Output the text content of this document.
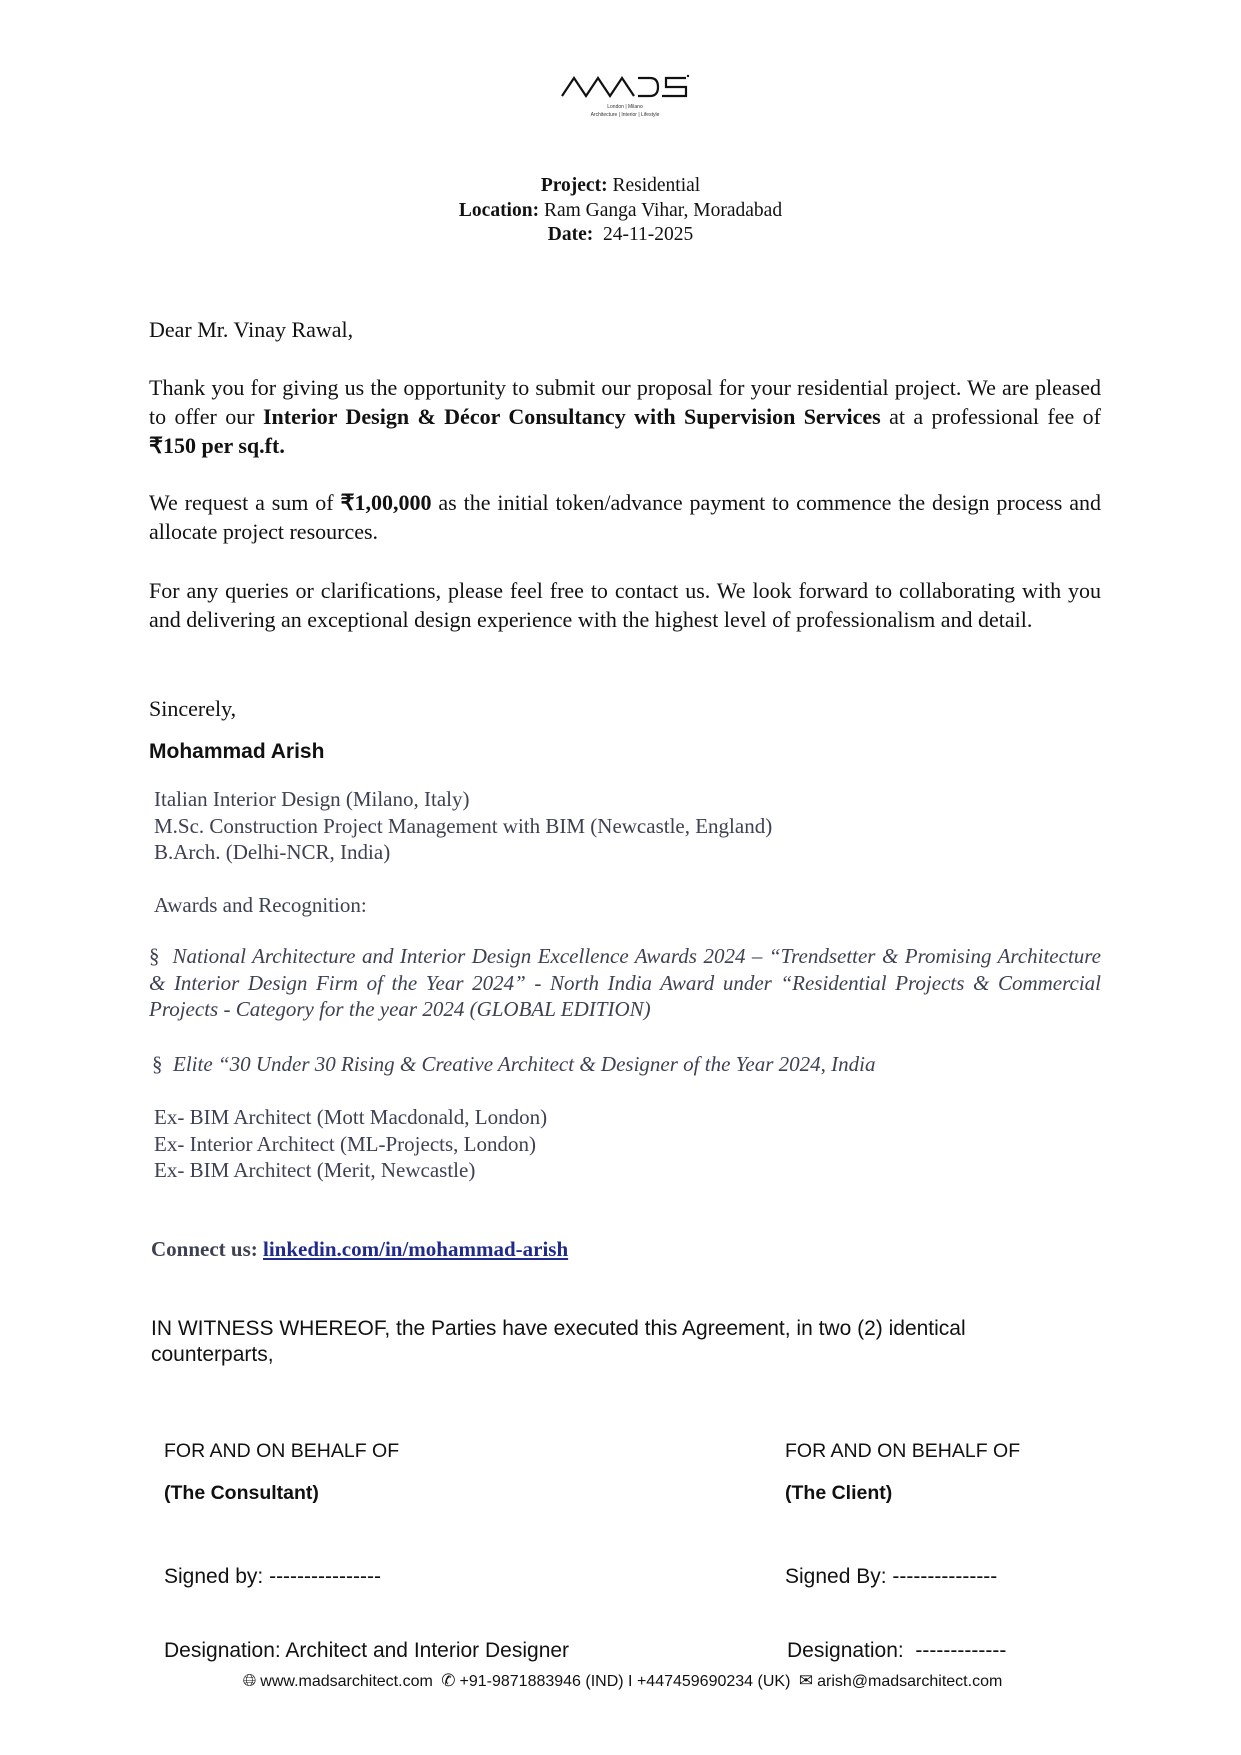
London | Milano
Architecture | Interior | Lifestyle
Project: Residential
Location: Ram Ganga Vihar, Moradabad
Date:  24-11-2025
Dear Mr. Vinay Rawal,
Thank you for giving us the opportunity to submit our proposal for your residential project. We are pleased to offer our Interior Design & Décor Consultancy with Supervision Services at a professional fee of ₹150 per sq.ft.
We request a sum of ₹1,00,000 as the initial token/advance payment to commence the design process and allocate project resources.
For any queries or clarifications, please feel free to contact us. We look forward to collaborating with you and delivering an exceptional design experience with the highest level of professionalism and detail.
Sincerely,
Mohammad Arish
Italian Interior Design (Milano, Italy)
M.Sc. Construction Project Management with BIM (Newcastle, England)
B.Arch. (Delhi-NCR, India)
Awards and Recognition:
§ National Architecture and Interior Design Excellence Awards 2024 – “Trendsetter & Promising Architecture & Interior Design Firm of the Year 2024” - North India Award under “Residential Projects & Commercial Projects - Category for the year 2024 (GLOBAL EDITION)
§ Elite “30 Under 30 Rising & Creative Architect & Designer of the Year 2024, India
Ex- BIM Architect (Mott Macdonald, London)
Ex- Interior Architect (ML-Projects, London)
Ex- BIM Architect (Merit, Newcastle)
Connect us: linkedin.com/in/mohammad-arish
IN WITNESS WHEREOF, the Parties have executed this Agreement, in two (2) identical counterparts,
FOR AND ON BEHALF OF	FOR AND ON BEHALF OF
(The Consultant)	(The Client)
Signed by: ----------------	Signed By: ---------------
Designation: Architect and Interior Designer	Designation:  -------------
🌐︎ www.madsarchitect.com ✆ +91-9871883946 (IND) I +447459690234 (UK) ✉︎ arish@madsarchitect.com
